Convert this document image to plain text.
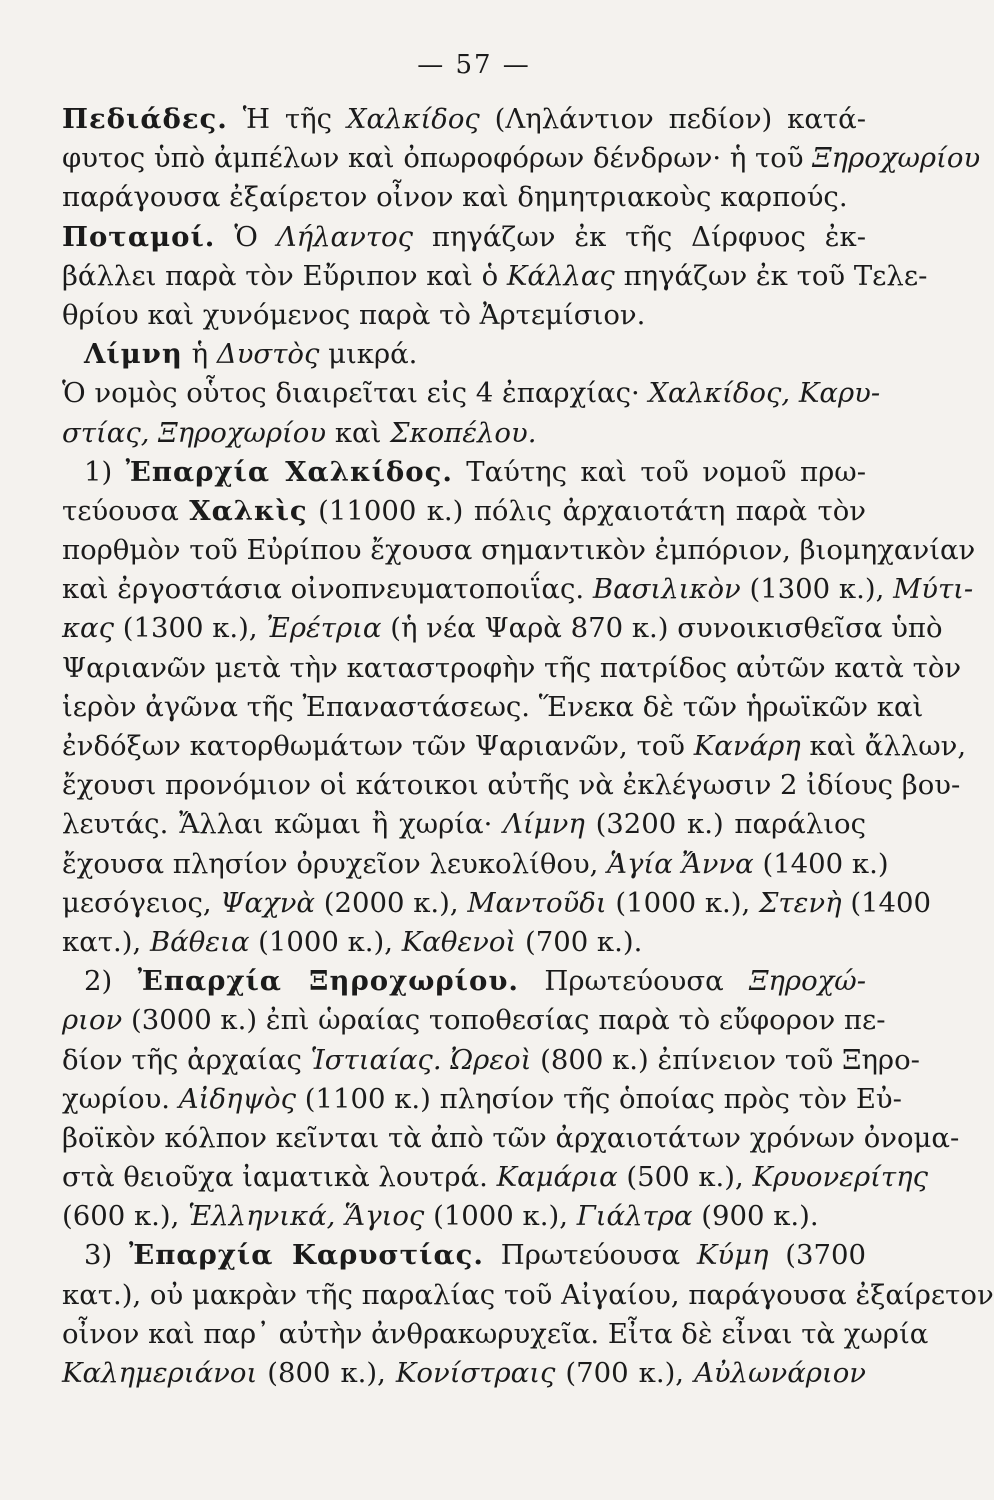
— 57 —
Πεδιάδες. Ἡ τῆς Χαλκίδος (Ληλάντιον πεδίον) κατά-
φυτος ὑπὸ ἀμπέλων καὶ ὀπωροφόρων δένδρων· ἡ τοῦ Ξηροχωρίου
παράγουσα ἐξαίρετον οἶνον καὶ δημητριακοὺς καρπούς.
Ποταμοί. Ὁ Λήλαντος πηγάζων ἐκ τῆς Δίρφυος ἐκ-
βάλλει παρὰ τὸν Εὔριπον καὶ ὁ Κάλλας πηγάζων ἐκ τοῦ Τελε-
θρίου καὶ χυνόμενος παρὰ τὸ Ἀρτεμίσιον.
Λίμνη ἡ Δυστὸς μικρά.
Ὁ νομὸς οὗτος διαιρεῖται εἰς 4 ἐπαρχίας· Χαλκίδος, Καρυ-
στίας, Ξηροχωρίου καὶ Σκοπέλου.
1) Ἐπαρχία Χαλκίδος. Ταύτης καὶ τοῦ νομοῦ πρω-
τεύουσα Χαλκὶς (11000 κ.) πόλις ἀρχαιοτάτη παρὰ τὸν
πορθμὸν τοῦ Εὐρίπου ἔχουσα σημαντικὸν ἐμπόριον, βιομηχανίαν
καὶ ἐργοστάσια οἰνοπνευματοποιΐας. Βασιλικὸν (1300 κ.), Μύτι-
κας (1300 κ.), Ἐρέτρια (ἡ νέα Ψαρὰ 870 κ.) συνοικισθεῖσα ὑπὸ
Ψαριανῶν μετὰ τὴν καταστροφὴν τῆς πατρίδος αὐτῶν κατὰ τὸν
ἱερὸν ἀγῶνα τῆς Ἐπαναστάσεως. Ἕνεκα δὲ τῶν ἡρωϊκῶν καὶ
ἐνδόξων κατορθωμάτων τῶν Ψαριανῶν, τοῦ Κανάρη καὶ ἄλλων,
ἔχουσι προνόμιον οἱ κάτοικοι αὐτῆς νὰ ἐκλέγωσιν 2 ἰδίους βου-
λευτάς. Ἄλλαι κῶμαι ἢ χωρία· Λίμνη (3200 κ.) παράλιος
ἔχουσα πλησίον ὀρυχεῖον λευκολίθου, Ἁγία Ἄννα (1400 κ.)
μεσόγειος, Ψαχνὰ (2000 κ.), Μαντοῦδι (1000 κ.), Στενὴ (1400
κατ.), Βάθεια (1000 κ.), Καθενοὶ (700 κ.).
2) Ἐπαρχία Ξηροχωρίου. Πρωτεύουσα Ξηροχώ-
ριον (3000 κ.) ἐπὶ ὡραίας τοποθεσίας παρὰ τὸ εὔφορον πε-
δίον τῆς ἀρχαίας Ἱστιαίας. Ὠρεοὶ (800 κ.) ἐπίνειον τοῦ Ξηρο-
χωρίου. Αἰδηψὸς (1100 κ.) πλησίον τῆς ὁποίας πρὸς τὸν Εὐ-
βοϊκὸν κόλπον κεῖνται τὰ ἀπὸ τῶν ἀρχαιοτάτων χρόνων ὀνομα-
στὰ θειοῦχα ἰαματικὰ λουτρά. Καμάρια (500 κ.), Κρυονερίτης
(600 κ.), Ἑλληνικά, Ἅγιος (1000 κ.), Γιάλτρα (900 κ.).
3) Ἐπαρχία Καρυστίας. Πρωτεύουσα Κύμη (3700
κατ.), οὐ μακρὰν τῆς παραλίας τοῦ Αἰγαίου, παράγουσα ἐξαίρετον
οἶνον καὶ παρ᾽ αὐτὴν ἀνθρακωρυχεῖα. Εἶτα δὲ εἶναι τὰ χωρία
Καλημεριάνοι (800 κ.), Κονίστραις (700 κ.), Αὐλωνάριον
